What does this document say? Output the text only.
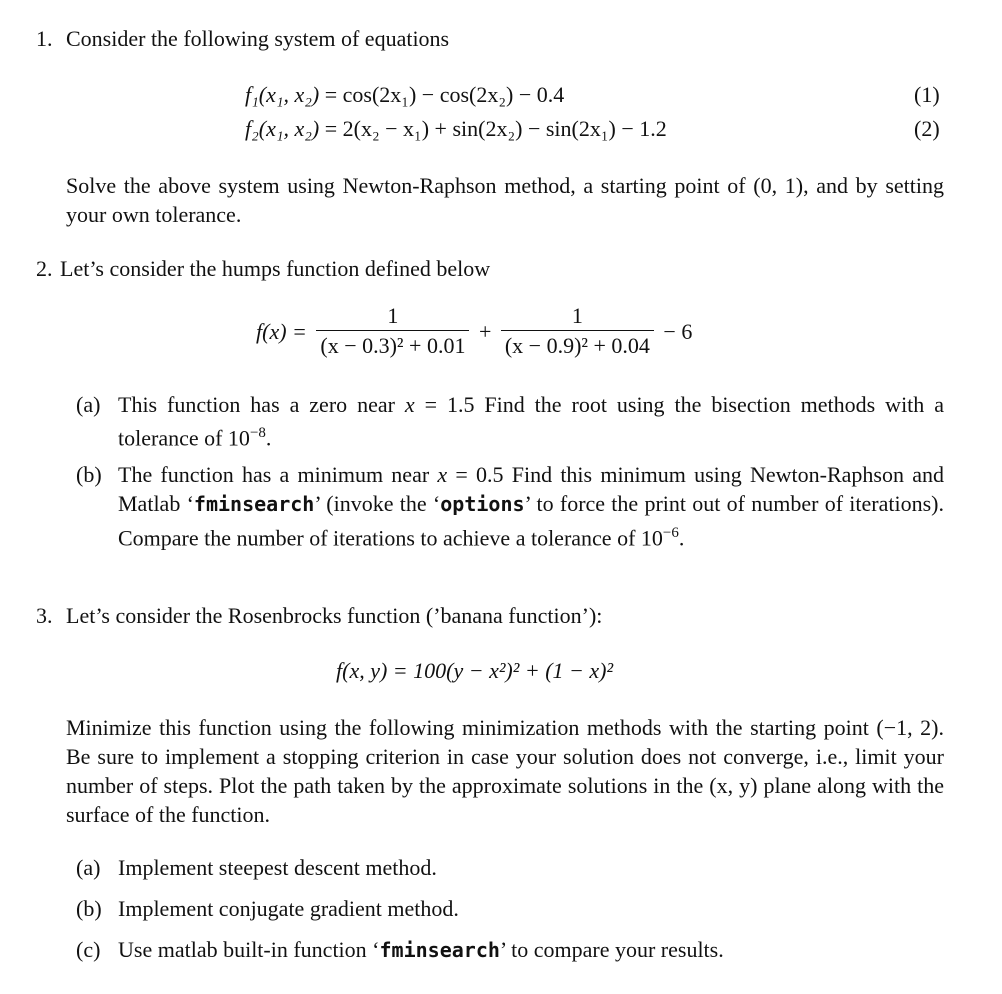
1. Consider the following system of equations
f₁(x₁, x₂) = cos(2x₁) − cos(2x₂) − 0.4	(1)
f₂(x₁, x₂) = 2(x₂ − x₁) + sin(2x₂) − sin(2x₁) − 1.2	(2)
Solve the above system using Newton-Raphson method, a starting point of (0, 1), and by setting your own tolerance.
2. Let’s consider the humps function defined below
$f(x) = \frac{1}{\text{(x − 0.3)² + 0.01}} + \frac{1}{\text{(x − 0.9)² + 0.04}} - 6$
(a) This function has a zero near x = 1.5 Find the root using the bisection methods with a tolerance of $10^{-8}$.
(b) The function has a minimum near x = 0.5 Find this minimum using Newton-Raphson and Matlab ‘fminsearch’ (invoke the ‘options’ to force the print out of number of iterations). Compare the number of iterations to achieve a tolerance of $10^{-6}$.
3. Let’s consider the Rosenbrocks function (’banana function’):
f(x, y) = 100(y − x²)² + (1 − x)²
Minimize this function using the following minimization methods with the starting point (−1, 2). Be sure to implement a stopping criterion in case your solution does not converge, i.e., limit your number of steps. Plot the path taken by the approximate solutions in the (x, y) plane along with the surface of the function.
(a) Implement steepest descent method.
(b) Implement conjugate gradient method.
(c) Use matlab built-in function ‘fminsearch’ to compare your results.
